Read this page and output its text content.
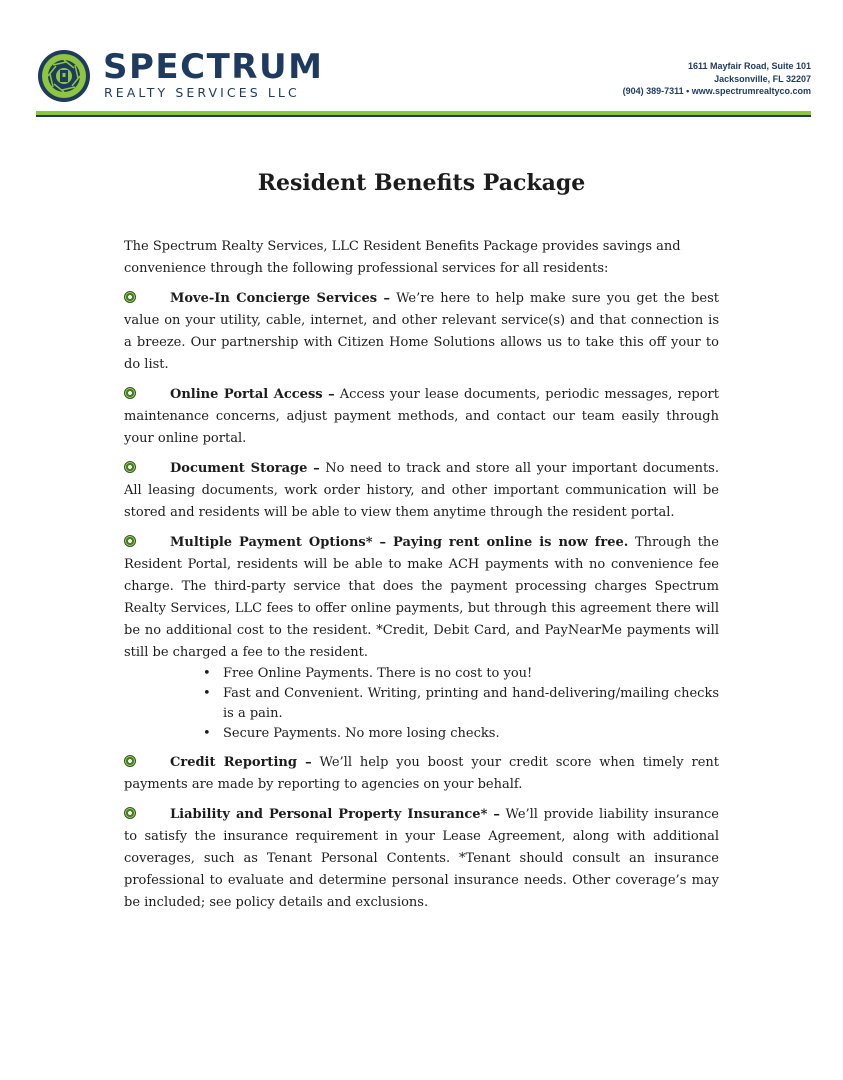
SPECTRUM
REALTY SERVICES LLC
1611 Mayfair Road, Suite 101
Jacksonville, FL 32207
(904) 389-7311 • www.spectrumrealtyco.com
Resident Benefits Package

The Spectrum Realty Services, LLC Resident Benefits Package provides savings and convenience through the following professional services for all residents:

Move-In Concierge Services – We’re here to help make sure you get the best value on your utility, cable, internet, and other relevant service(s) and that connection is a breeze. Our partnership with Citizen Home Solutions allows us to take this off your to do list.

Online Portal Access – Access your lease documents, periodic messages, report maintenance concerns, adjust payment methods, and contact our team easily through your online portal.

Document Storage – No need to track and store all your important documents. All leasing documents, work order history, and other important communication will be stored and residents will be able to view them anytime through the resident portal.

Multiple Payment Options* – Paying rent online is now free. Through the Resident Portal, residents will be able to make ACH payments with no convenience fee charge. The third-party service that does the payment processing charges Spectrum Realty Services, LLC fees to offer online payments, but through this agreement there will be no additional cost to the resident. *Credit, Debit Card, and PayNearMe payments will still be charged a fee to the resident.

• Free Online Payments. There is no cost to you!
• Fast and Convenient. Writing, printing and hand-delivering/mailing checks is a pain.
• Secure Payments. No more losing checks.

Credit Reporting – We’ll help you boost your credit score when timely rent payments are made by reporting to agencies on your behalf.

Liability and Personal Property Insurance* – We’ll provide liability insurance to satisfy the insurance requirement in your Lease Agreement, along with additional coverages, such as Tenant Personal Contents. *Tenant should consult an insurance professional to evaluate and determine personal insurance needs. Other coverage’s may be included; see policy details and exclusions.
